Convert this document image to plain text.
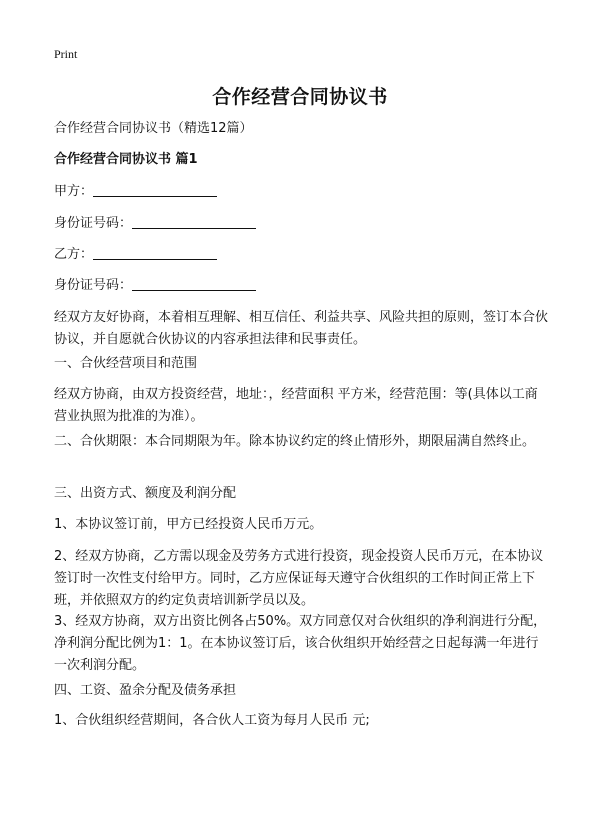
Print
合作经营合同协议书
合作经营合同协议书（精选12篇）
合作经营合同协议书 篇1
甲方：
身份证号码：
乙方：
身份证号码：
经双方友好协商，本着相互理解、相互信任、利益共享、风险共担的原则，签订本合伙协议，并自愿就合伙协议的内容承担法律和民事责任。
一、合伙经营项目和范围
经双方协商，由双方投资经营，地址：，经营面积 平方米，经营范围：等(具体以工商营业执照为批准的为准）。
二、合伙期限：本合同期限为年。除本协议约定的终止情形外，期限届满自然终止。
三、出资方式、额度及利润分配
1、本协议签订前，甲方已经投资人民币万元。
2、经双方协商，乙方需以现金及劳务方式进行投资，现金投资人民币万元，在本协议签订时一次性支付给甲方。同时，乙方应保证每天遵守合伙组织的工作时间正常上下班，并依照双方的约定负责培训新学员以及。
3、经双方协商，双方出资比例各占50%。双方同意仅对合伙组织的净利润进行分配，净利润分配比例为1：1。在本协议签订后，该合伙组织开始经营之日起每满一年进行一次利润分配。
四、工资、盈余分配及债务承担
1、合伙组织经营期间，各合伙人工资为每月人民币 元;
